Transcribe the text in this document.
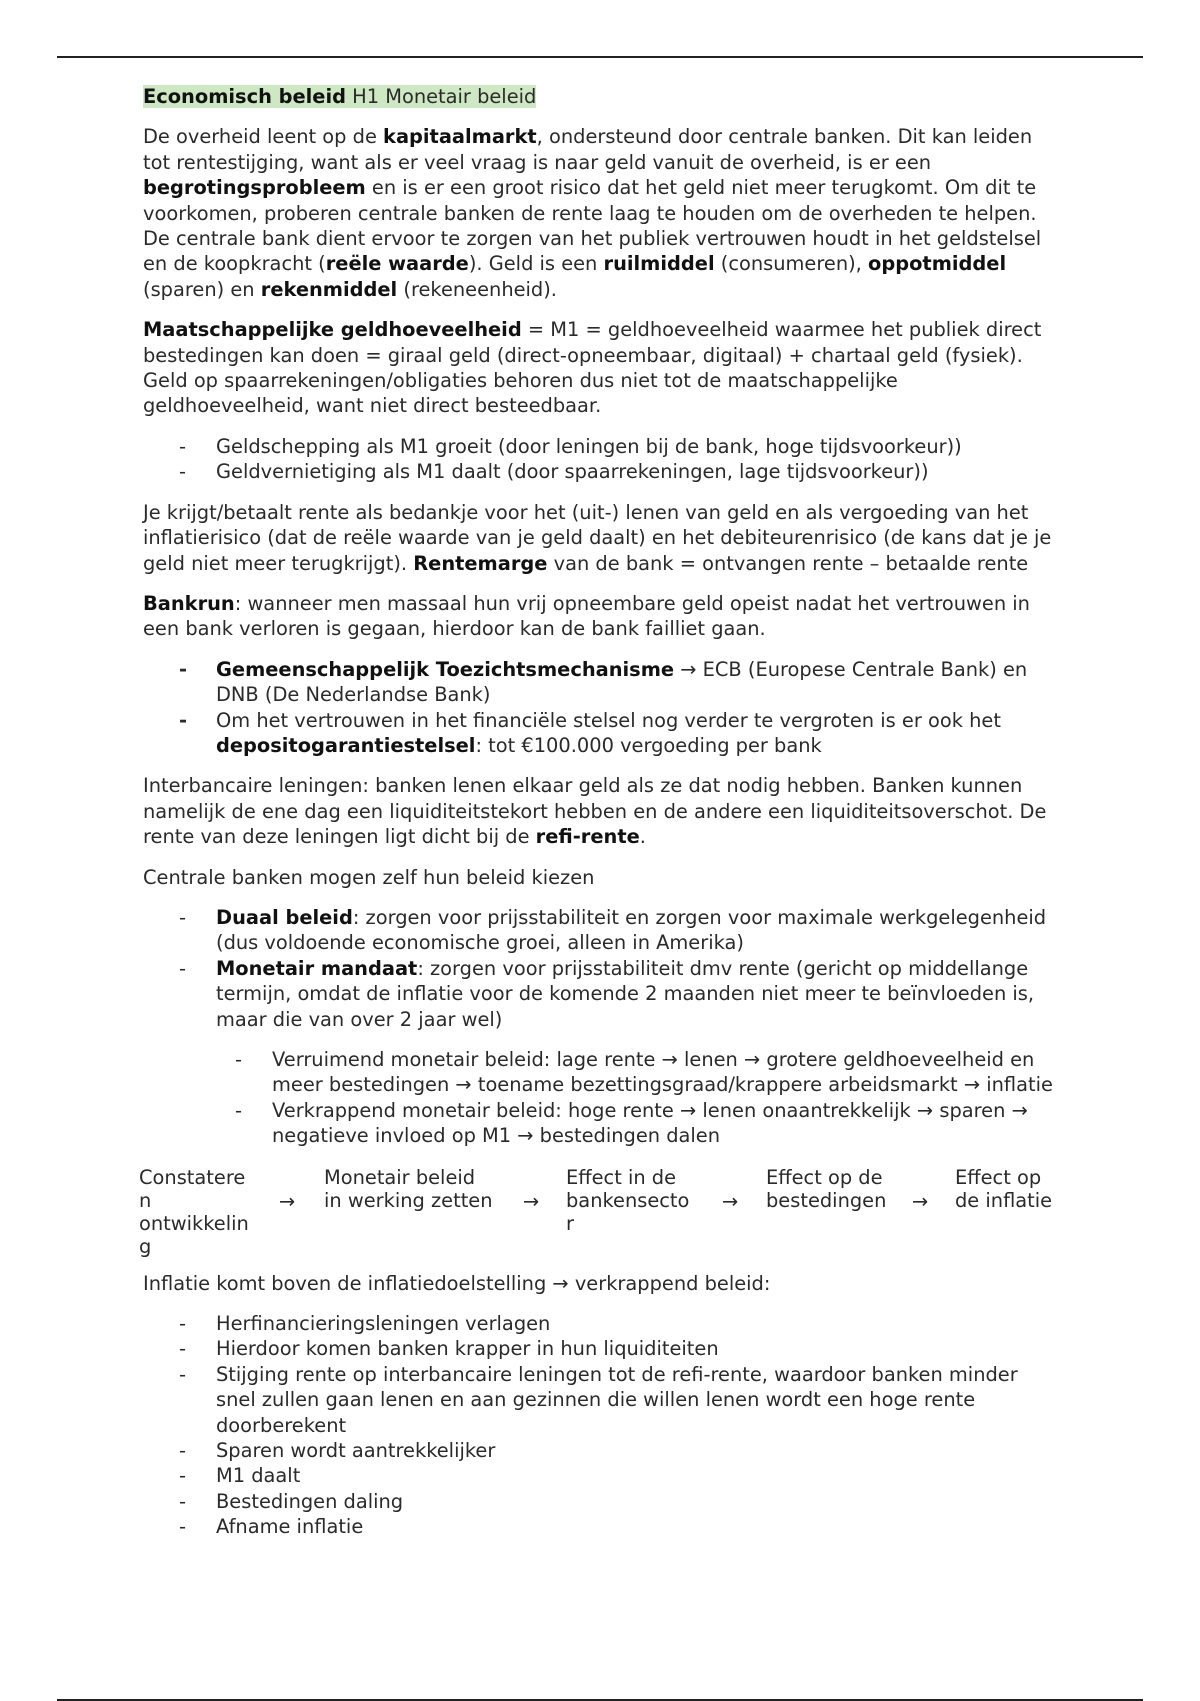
Economisch beleid H1 Monetair beleid

De overheid leent op de kapitaalmarkt, ondersteund door centrale banken. Dit kan leiden tot rentestijging, want als er veel vraag is naar geld vanuit de overheid, is er een begrotingsprobleem en is er een groot risico dat het geld niet meer terugkomt. Om dit te voorkomen, proberen centrale banken de rente laag te houden om de overheden te helpen. De centrale bank dient ervoor te zorgen van het publiek vertrouwen houdt in het geldstelsel en de koopkracht (reële waarde). Geld is een ruilmiddel (consumeren), oppotmiddel (sparen) en rekenmiddel (rekeneenheid).

Maatschappelijke geldhoeveelheid = M1 = geldhoeveelheid waarmee het publiek direct bestedingen kan doen = giraal geld (direct-opneembaar, digitaal) + chartaal geld (fysiek). Geld op spaarrekeningen/obligaties behoren dus niet tot de maatschappelijke geldhoeveelheid, want niet direct besteedbaar.

-	Geldschepping als M1 groeit (door leningen bij de bank, hoge tijdsvoorkeur))
-	Geldvernietiging als M1 daalt (door spaarrekeningen, lage tijdsvoorkeur))

Je krijgt/betaalt rente als bedankje voor het (uit-) lenen van geld en als vergoeding van het inflatierisico (dat de reële waarde van je geld daalt) en het debiteurenrisico (de kans dat je je geld niet meer terugkrijgt). Rentemarge van de bank = ontvangen rente – betaalde rente

Bankrun: wanneer men massaal hun vrij opneembare geld opeist nadat het vertrouwen in een bank verloren is gegaan, hierdoor kan de bank failliet gaan.

-	Gemeenschappelijk Toezichtsmechanisme → ECB (Europese Centrale Bank) en DNB (De Nederlandse Bank)
-	Om het vertrouwen in het financiële stelsel nog verder te vergroten is er ook het depositogarantiestelsel: tot €100.000 vergoeding per bank

Interbancaire leningen: banken lenen elkaar geld als ze dat nodig hebben. Banken kunnen namelijk de ene dag een liquiditeitstekort hebben en de andere een liquiditeitsoverschot. De rente van deze leningen ligt dicht bij de refi-rente.

Centrale banken mogen zelf hun beleid kiezen

-	Duaal beleid: zorgen voor prijsstabiliteit en zorgen voor maximale werkgelegenheid (dus voldoende economische groei, alleen in Amerika)
-	Monetair mandaat: zorgen voor prijsstabiliteit dmv rente (gericht op middellange termijn, omdat de inflatie voor de komende 2 maanden niet meer te beïnvloeden is, maar die van over 2 jaar wel)
-	Verruimend monetair beleid: lage rente → lenen → grotere geldhoeveelheid en meer bestedingen → toename bezettingsgraad/krappere arbeidsmarkt → inflatie
-	Verkrappend monetair beleid: hoge rente → lenen onaantrekkelijk → sparen → negatieve invloed op M1 → bestedingen dalen
Constatere
n
ontwikkelin
g
→
Monetair beleid
in werking zetten	→
Effect in de
bankensecto
r
→
Effect op de
bestedingen	→
Effect op
de inflatie

Inflatie komt boven de inflatiedoelstelling → verkrappend beleid:

-	Herfinancieringsleningen verlagen
-	Hierdoor komen banken krapper in hun liquiditeiten
-	Stijging rente op interbancaire leningen tot de refi-rente, waardoor banken minder snel zullen gaan lenen en aan gezinnen die willen lenen wordt een hoge rente doorberekent
-	Sparen wordt aantrekkelijker
-	M1 daalt
-	Bestedingen daling
-	Afname inflatie
